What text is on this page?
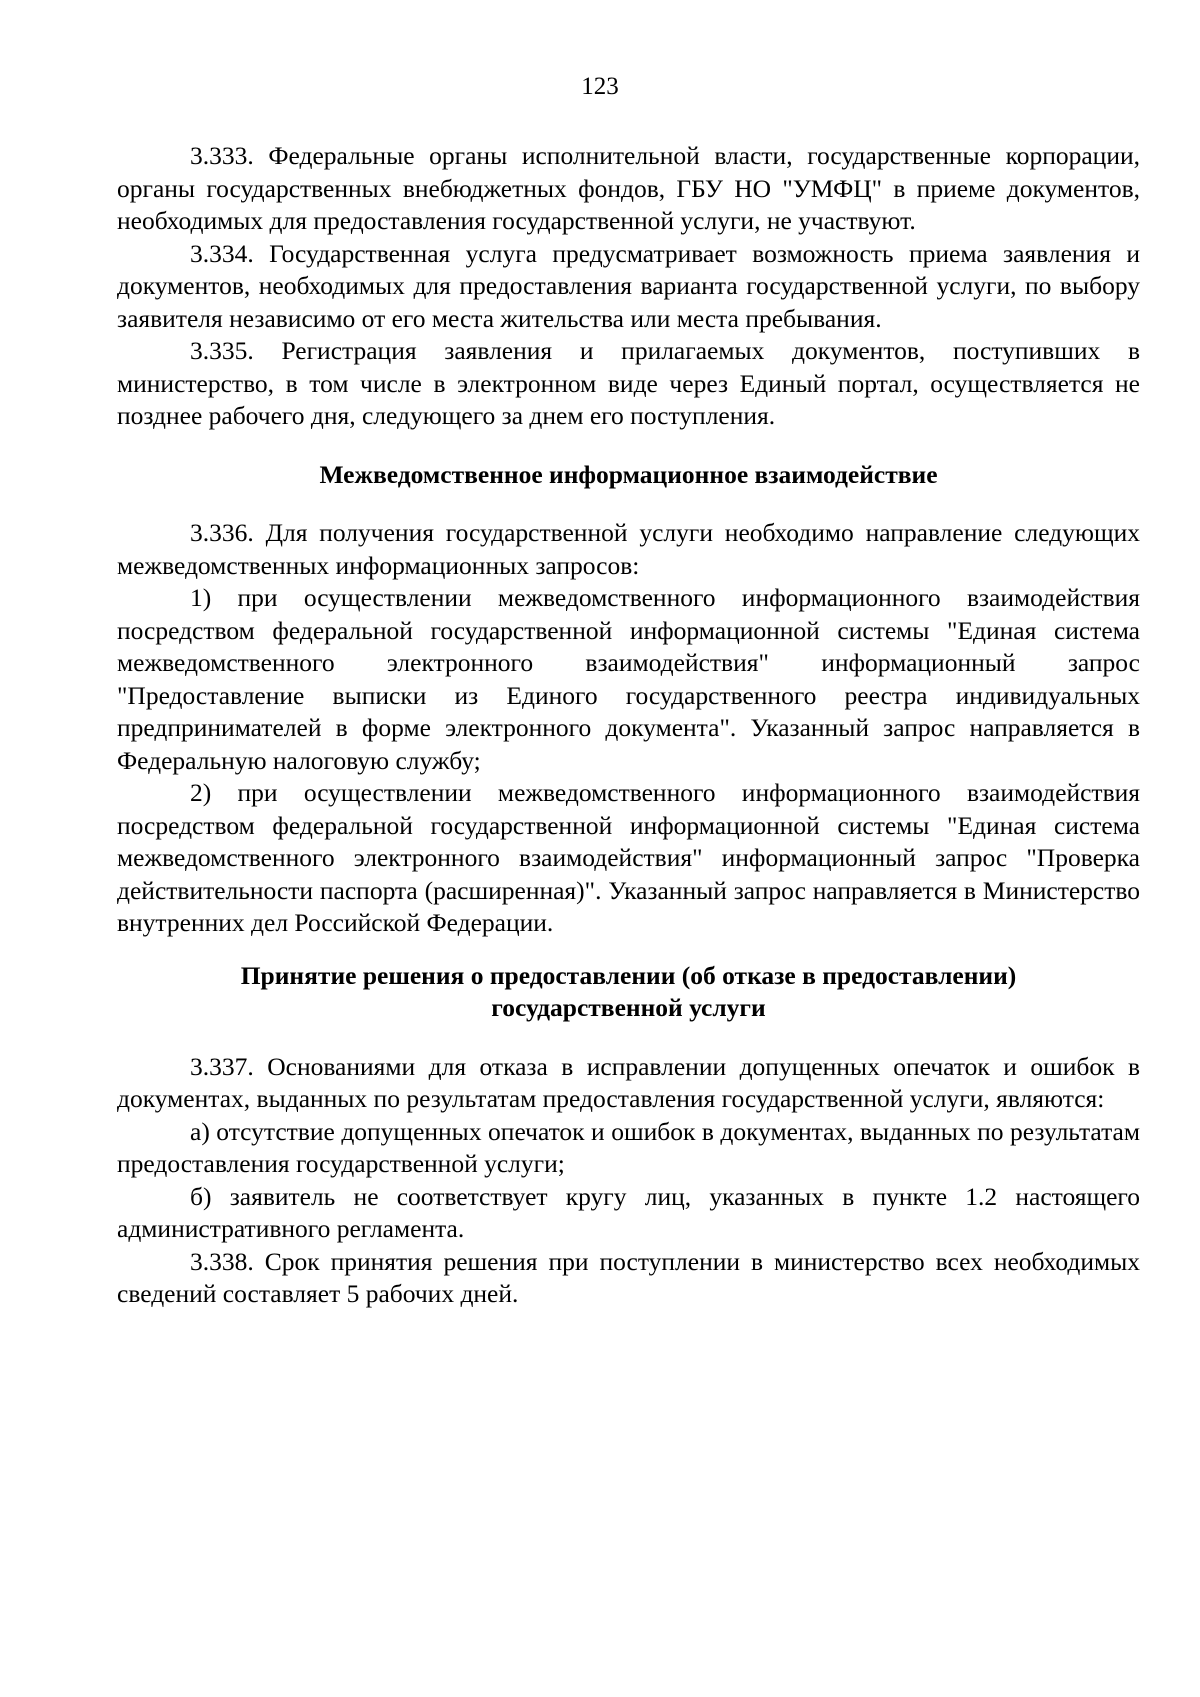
123

3.333. Федеральные органы исполнительной власти, государственные корпорации, органы государственных внебюджетных фондов, ГБУ НО "УМФЦ" в приеме документов, необходимых для предоставления государственной услуги, не участвуют.

3.334. Государственная услуга предусматривает возможность приема заявления и документов, необходимых для предоставления варианта государственной услуги, по выбору заявителя независимо от его места жительства или места пребывания.

3.335. Регистрация заявления и прилагаемых документов, поступивших в министерство, в том числе в электронном виде через Единый портал, осуществляется не позднее рабочего дня, следующего за днем его поступления.

Межведомственное информационное взаимодействие

3.336. Для получения государственной услуги необходимо направление следующих межведомственных информационных запросов:

1) при осуществлении межведомственного информационного взаимодействия посредством федеральной государственной информационной системы "Единая система межведомственного электронного взаимодействия" информационный запрос "Предоставление выписки из Единого государственного реестра индивидуальных предпринимателей в форме электронного документа". Указанный запрос направляется в Федеральную налоговую службу;

2) при осуществлении межведомственного информационного взаимодействия посредством федеральной государственной информационной системы "Единая система межведомственного электронного взаимодействия" информационный запрос "Проверка действительности паспорта (расширенная)". Указанный запрос направляется в Министерство внутренних дел Российской Федерации.

Принятие решения о предоставлении (об отказе в предоставлении)
государственной услуги

3.337. Основаниями для отказа в исправлении допущенных опечаток и ошибок в документах, выданных по результатам предоставления государственной услуги, являются:

а) отсутствие допущенных опечаток и ошибок в документах, выданных по результатам предоставления государственной услуги;

б) заявитель не соответствует кругу лиц, указанных в пункте 1.2 настоящего административного регламента.

3.338. Срок принятия решения при поступлении в министерство всех необходимых сведений составляет 5 рабочих дней.
